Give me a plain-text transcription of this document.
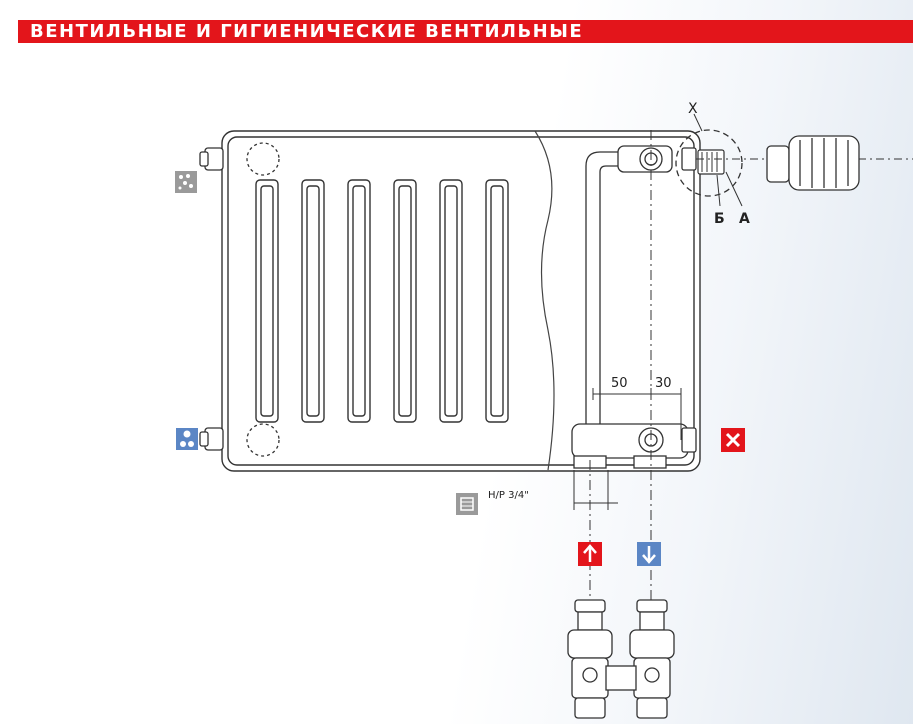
ВЕНТИЛЬНЫЕ И ГИГИЕНИЧЕСКИЕ ВЕНТИЛЬНЫЕ
X
Б А
50 30
Н/Р 3/4"
